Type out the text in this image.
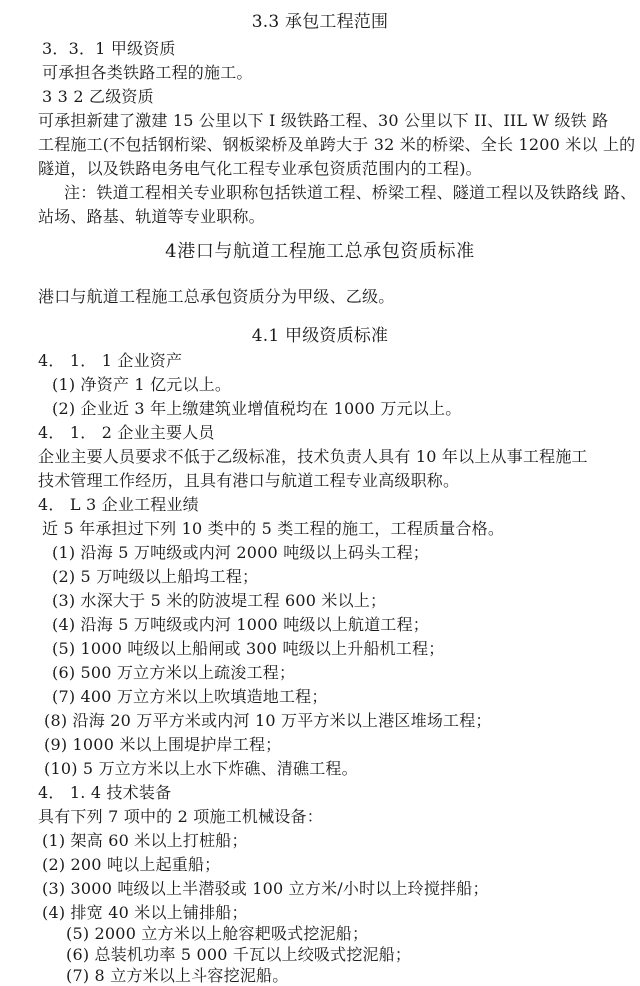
3.3 承包工程范围
3．3．1 甲级资质
可承担各类铁路工程的施工。
3 3 2 乙级资质
可承担新建了激建 15 公里以下 I 级铁路工程、30 公里以下 II、IIL W 级铁 路
工程施工(不包括钢桁梁、钢板梁桥及单跨大于 32 米的桥梁、全长 1200 米以 上的
隧道，以及铁路电务电气化工程专业承包资质范围内的工程)。
注：铁道工程相关专业职称包括铁道工程、桥梁工程、隧道工程以及铁路线 路、
站场、路基、轨道等专业职称。
4港口与航道工程施工总承包资质标准
港口与航道工程施工总承包资质分为甲级、乙级。
4.1 甲级资质标准
4． 1． 1 企业资产
(1) 净资产 1 亿元以上。
(2) 企业近 3 年上缴建筑业增值税均在 1000 万元以上。
4． 1． 2 企业主要人员
企业主要人员要求不低于乙级标准，技术负责人具有 10 年以上从事工程施工
技术管理工作经历，且具有港口与航道工程专业高级职称。
4． L 3 企业工程业绩
近 5 年承担过下列 10 类中的 5 类工程的施工，工程质量合格。
(1) 沿海 5 万吨级或内河 2000 吨级以上码头工程；
(2) 5 万吨级以上船坞工程；
(3) 水深大于 5 米的防波堤工程 600 米以上；
(4) 沿海 5 万吨级或内河 1000 吨级以上航道工程；
(5) 1000 吨级以上船闸或 300 吨级以上升船机工程；
(6) 500 万立方米以上疏浚工程；
(7) 400 万立方米以上吹填造地工程；
(8) 沿海 20 万平方米或内河 10 万平方米以上港区堆场工程；
(9) 1000 米以上围堤护岸工程；
(10) 5 万立方米以上水下炸礁、清礁工程。
4． 1. 4 技术装备
具有下列 7 项中的 2 项施工机械设备：
(1) 架高 60 米以上打桩船；
(2) 200 吨以上起重船；
(3) 3000 吨级以上半潜驳或 100 立方米/小时以上玲搅拌船；
(4) 排宽 40 米以上铺排船；
(5) 2000 立方米以上舱容耙吸式挖泥船；
(6) 总装机功率 5 000 千瓦以上绞吸式挖泥船；
(7) 8 立方米以上斗容挖泥船。
